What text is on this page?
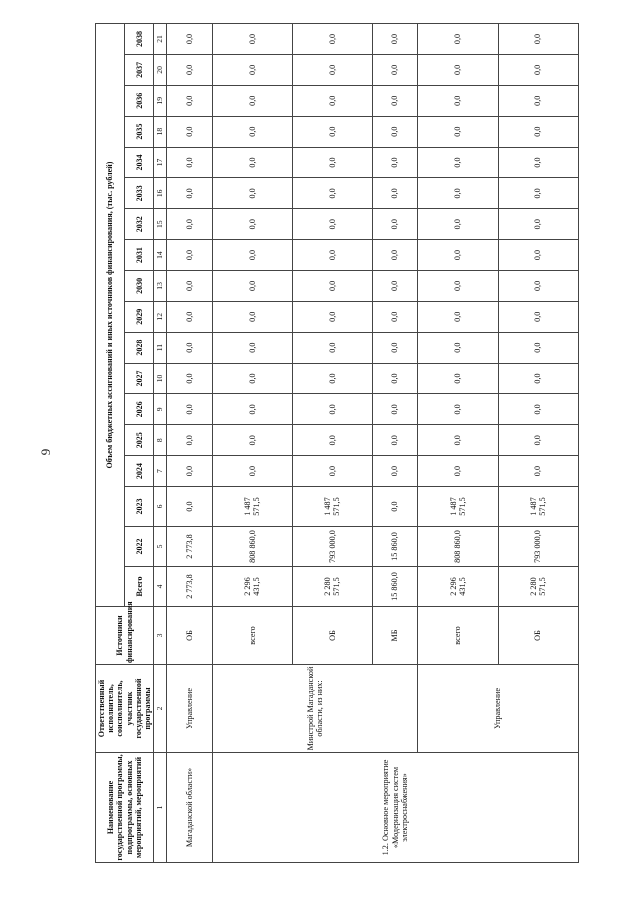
9
Наименование государственной программы, подпрограммы, основных мероприятий, мероприятий	Ответственный исполнитель, соисполнитель, участник государственной программы	Источники финансирования	Объем бюджетных ассигнований и иных источников финансирования, (тыс. рублей)																	
			Всего	2022	2023	2024	2025	2026	2027	2028	2029	2030	2031	2032	2033	2034	2035	2036	2037	2038
1	2	3	4	5	6	7	8	9	10	11	12	13	14	15	16	17	18	19	20	21
Магаданской области»	Управление	ОБ	2 773,8	2 773,8	0,0	0,0	0,0	0,0	0,0	0,0	0,0	0,0	0,0	0,0	0,0	0,0	0,0	0,0	0,0	0,0
1.2. Основное мероприятие «Модернизация систем электроснабжения»	Минстрой Магаданской области, из них:	всего	2 296 431,5	808 860,0	1 487 571,5	0,0	0,0	0,0	0,0	0,0	0,0	0,0	0,0	0,0	0,0	0,0	0,0	0,0	0,0	0,0
		ОБ	2 280 571,5	793 000,0	1 487 571,5	0,0	0,0	0,0	0,0	0,0	0,0	0,0	0,0	0,0	0,0	0,0	0,0	0,0	0,0	0,0
		МБ	15 860,0	15 860,0	0,0	0,0	0,0	0,0	0,0	0,0	0,0	0,0	0,0	0,0	0,0	0,0	0,0	0,0	0,0	0,0
	Управление	всего	2 296 431,5	808 860,0	1 487 571,5	0,0	0,0	0,0	0,0	0,0	0,0	0,0	0,0	0,0	0,0	0,0	0,0	0,0	0,0	0,0
		ОБ	2 280 571,5	793 000,0	1 487 571,5	0,0	0,0	0,0	0,0	0,0	0,0	0,0	0,0	0,0	0,0	0,0	0,0	0,0	0,0	0,0
